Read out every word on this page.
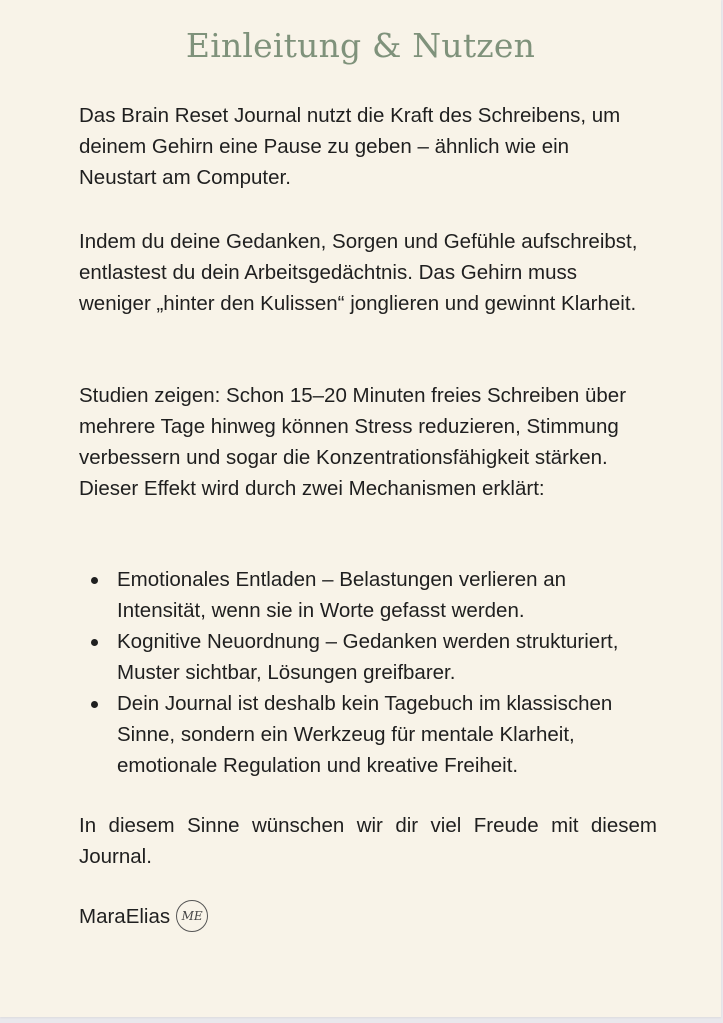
Einleitung & Nutzen

Das Brain Reset Journal nutzt die Kraft des Schreibens, um deinem Gehirn eine Pause zu geben – ähnlich wie ein Neustart am Computer.

Indem du deine Gedanken, Sorgen und Gefühle aufschreibst, entlastest du dein Arbeitsgedächtnis. Das Gehirn muss weniger „hinter den Kulissen“ jonglieren und gewinnt Klarheit.

Studien zeigen: Schon 15–20 Minuten freies Schreiben über mehrere Tage hinweg können Stress reduzieren, Stimmung verbessern und sogar die Konzentrationsfähigkeit stärken. Dieser Effekt wird durch zwei Mechanismen erklärt:

Emotionales Entladen – Belastungen verlieren an Intensität, wenn sie in Worte gefasst werden.
Kognitive Neuordnung – Gedanken werden strukturiert, Muster sichtbar, Lösungen greifbarer.
Dein Journal ist deshalb kein Tagebuch im klassischen Sinne, sondern ein Werkzeug für mentale Klarheit, emotionale Regulation und kreative Freiheit.

In diesem Sinne wünschen wir dir viel Freude mit diesem Journal.

MaraElias ME
